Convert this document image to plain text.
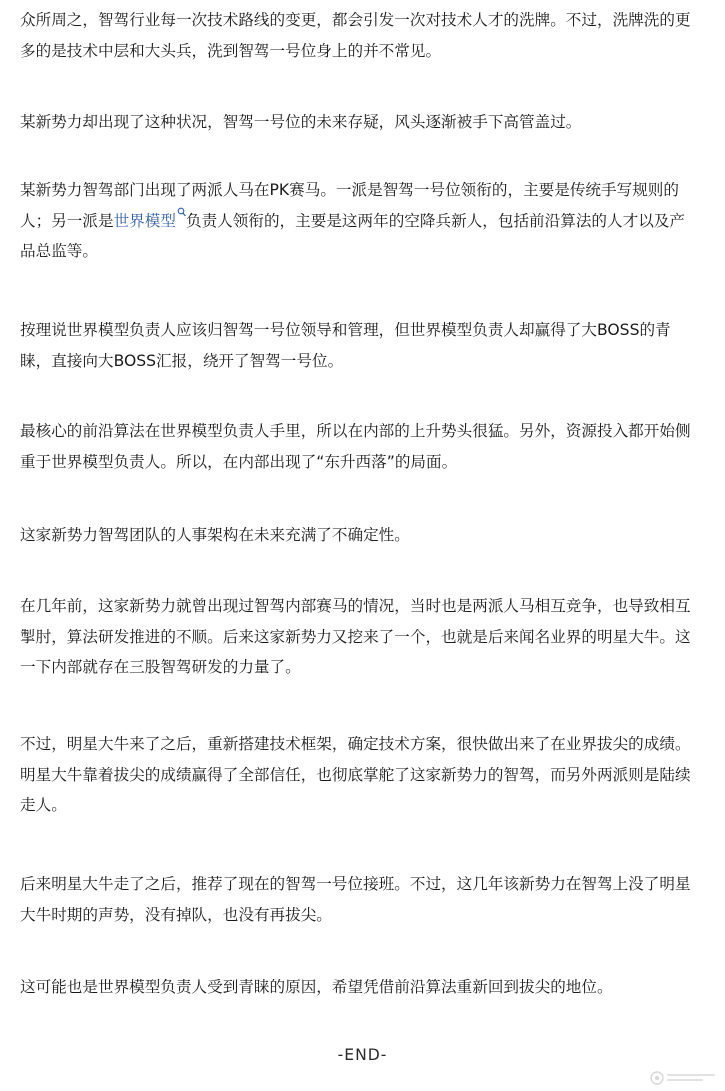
众所周之，智驾行业每一次技术路线的变更，都会引发一次对技术人才的洗牌。不过，洗牌洗的更多的是技术中层和大头兵，洗到智驾一号位身上的并不常见。

某新势力却出现了这种状况，智驾一号位的未来存疑，风头逐渐被手下高管盖过。

某新势力智驾部门出现了两派人马在PK赛马。一派是智驾一号位领衔的，主要是传统手写规则的人；另一派是世界模型 负责人领衔的，主要是这两年的空降兵新人，包括前沿算法的人才以及产品总监等。

按理说世界模型负责人应该归智驾一号位领导和管理，但世界模型负责人却赢得了大BOSS的青睐，直接向大BOSS汇报，绕开了智驾一号位。

最核心的前沿算法在世界模型负责人手里，所以在内部的上升势头很猛。另外，资源投入都开始侧重于世界模型负责人。所以，在内部出现了“东升西落”的局面。

这家新势力智驾团队的人事架构在未来充满了不确定性。

在几年前，这家新势力就曾出现过智驾内部赛马的情况，当时也是两派人马相互竞争，也导致相互掣肘，算法研发推进的不顺。后来这家新势力又挖来了一个，也就是后来闻名业界的明星大牛。这一下内部就存在三股智驾研发的力量了。

不过，明星大牛来了之后，重新搭建技术框架，确定技术方案，很快做出来了在业界拔尖的成绩。明星大牛靠着拔尖的成绩赢得了全部信任，也彻底掌舵了这家新势力的智驾，而另外两派则是陆续走人。

后来明星大牛走了之后，推荐了现在的智驾一号位接班。不过，这几年该新势力在智驾上没了明星大牛时期的声势，没有掉队，也没有再拔尖。

这可能也是世界模型负责人受到青睐的原因，希望凭借前沿算法重新回到拔尖的地位。

-END-
